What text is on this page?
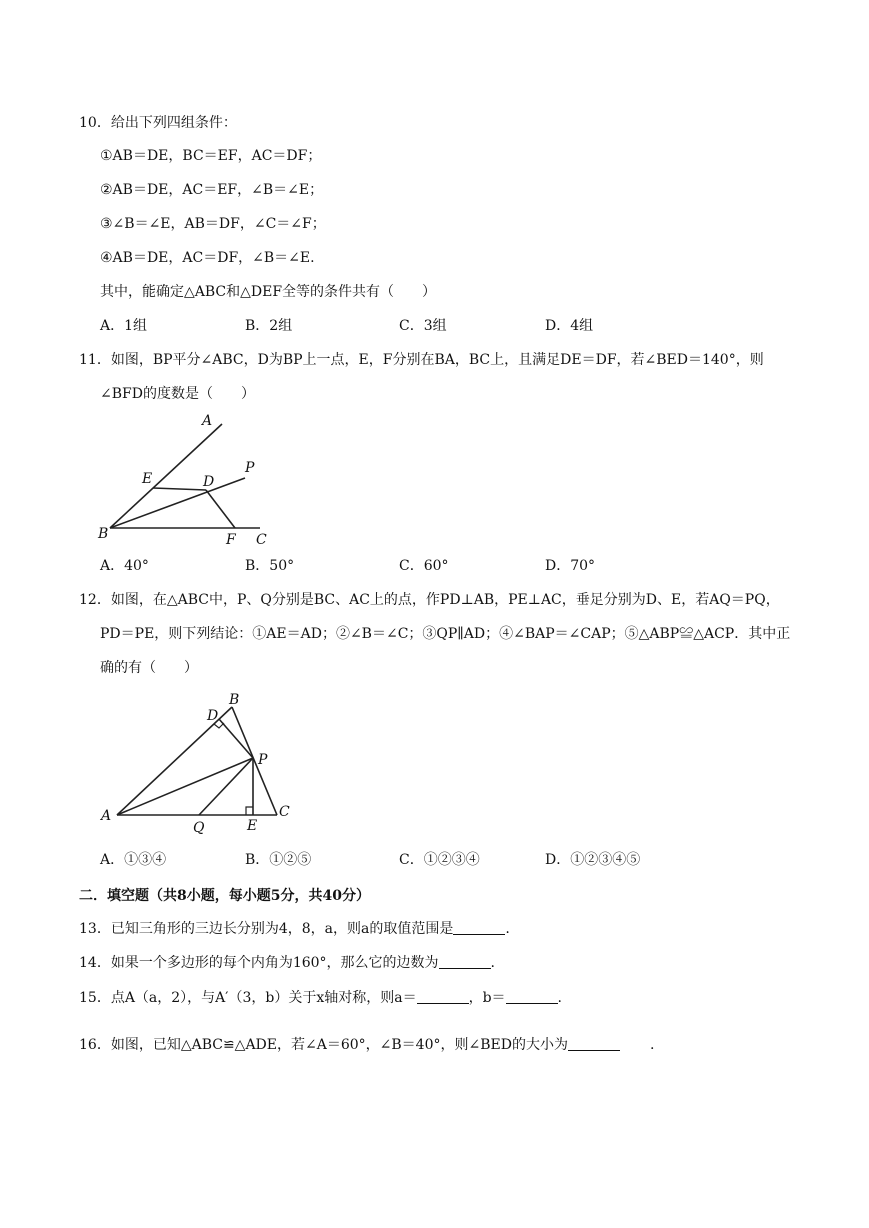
10．给出下列四组条件：
①AB＝DE，BC＝EF，AC＝DF；
②AB＝DE，AC＝EF，∠B＝∠E；
③∠B＝∠E，AB＝DF，∠C＝∠F；
④AB＝DE，AC＝DF，∠B＝∠E.
其中，能确定△ABC和△DEF全等的条件共有（　　）
A．1组	B．2组	C．3组	D．4组
11．如图，BP平分∠ABC，D为BP上一点，E，F分别在BA，BC上，且满足DE＝DF，若∠BED＝140°，则
∠BFD的度数是（　　）
A
P
E	D
B	F C
A．40°	B．50°	C．60°	D．70°
12．如图，在△ABC中，P、Q分别是BC、AC上的点，作PD⊥AB，PE⊥AC，垂足分别为D、E，若AQ＝PQ，
PD＝PE，则下列结论：①AE＝AD；②∠B＝∠C；③QP∥AD；④∠BAP＝∠CAP；⑤△ABP≌△ACP．其中正
确的有（　　）
B
D
P
A
Q	E
C
A．①③④	B．①②⑤	C．①②③④	D．①②③④⑤
二．填空题（共8小题，每小题5分，共40分）
13．已知三角形的三边长分别为4，8，a，则a的取值范围是	.
14．如果一个多边形的每个内角为160°，那么它的边数为	.
15．点A（a，2），与A′（3，b）关于x轴对称，则a＝	，b＝	.
16．如图，已知△ABC≌△ADE，若∠A＝60°，∠B＝40°，则∠BED的大小为	.
